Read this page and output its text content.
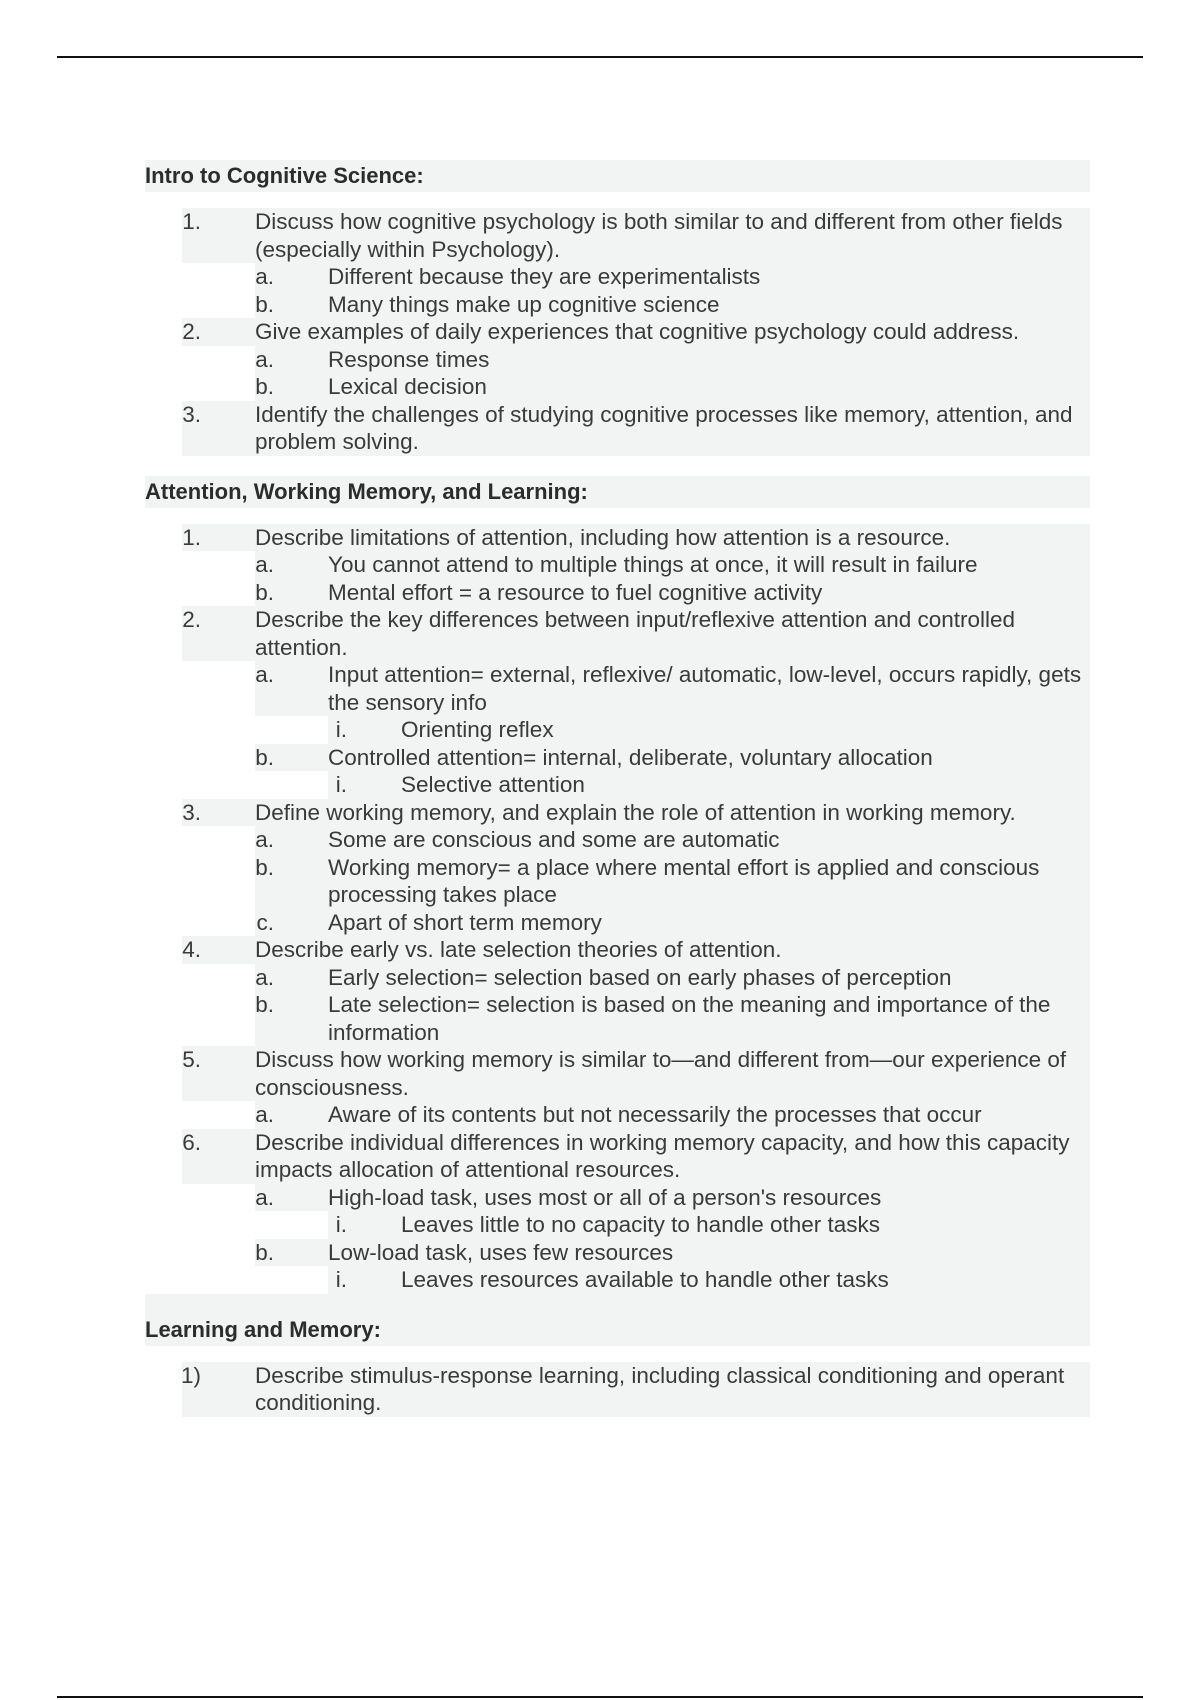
Intro to Cognitive Science:
1. Discuss how cognitive psychology is both similar to and different from other fields (especially within Psychology).
a. Different because they are experimentalists
b. Many things make up cognitive science
2. Give examples of daily experiences that cognitive psychology could address.
a. Response times
b. Lexical decision
3. Identify the challenges of studying cognitive processes like memory, attention, and problem solving.
Attention, Working Memory, and Learning:
1. Describe limitations of attention, including how attention is a resource.
a. You cannot attend to multiple things at once, it will result in failure
b. Mental effort = a resource to fuel cognitive activity
2. Describe the key differences between input/reflexive attention and controlled attention.
a. Input attention= external, reflexive/ automatic, low-level, occurs rapidly, gets the sensory info
i. Orienting reflex
b. Controlled attention= internal, deliberate, voluntary allocation
i. Selective attention
3. Define working memory, and explain the role of attention in working memory.
a. Some are conscious and some are automatic
b. Working memory= a place where mental effort is applied and conscious processing takes place
c. Apart of short term memory
4. Describe early vs. late selection theories of attention.
a. Early selection= selection based on early phases of perception
b. Late selection= selection is based on the meaning and importance of the information
5. Discuss how working memory is similar to—and different from—our experience of consciousness.
a. Aware of its contents but not necessarily the processes that occur
6. Describe individual differences in working memory capacity, and how this capacity impacts allocation of attentional resources.
a. High-load task, uses most or all of a person's resources
i. Leaves little to no capacity to handle other tasks
b. Low-load task, uses few resources
i. Leaves resources available to handle other tasks
Learning and Memory:
1) Describe stimulus-response learning, including classical conditioning and operant conditioning.
